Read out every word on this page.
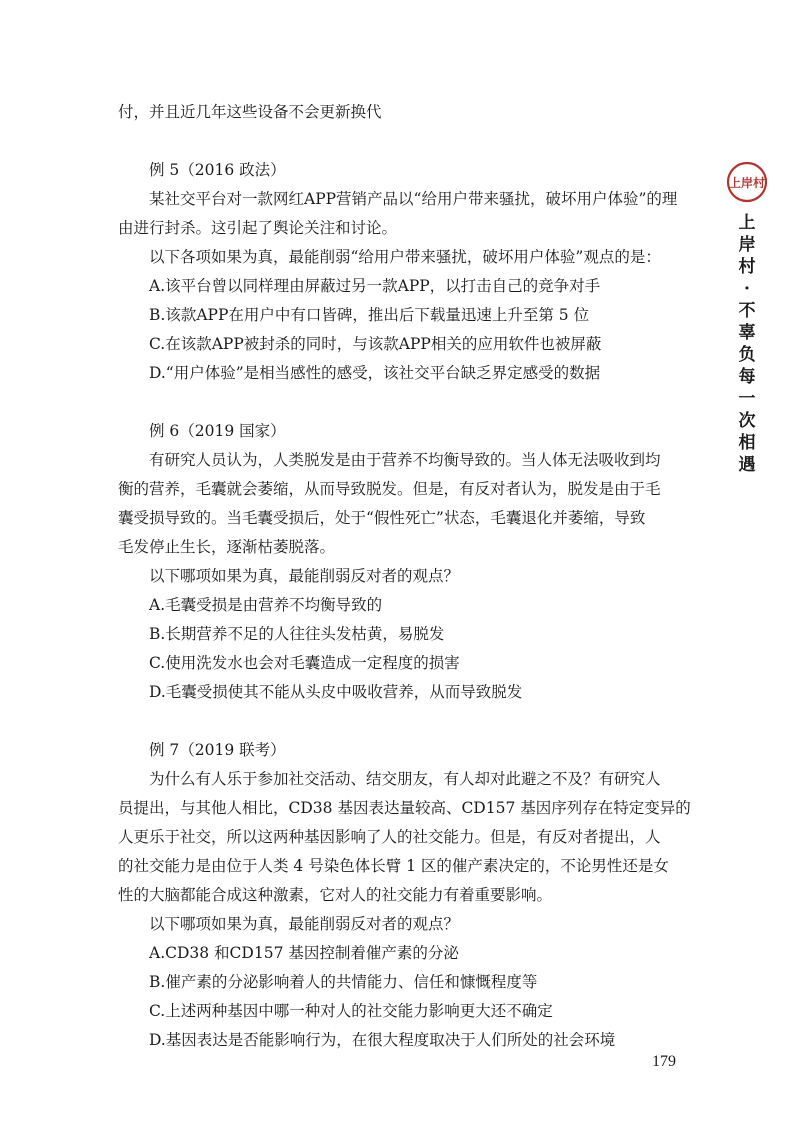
付，并且近几年这些设备不会更新换代

例 5（2016 政法）

某社交平台对一款网红APP营销产品以“给用户带来骚扰，破坏用户体验”的理

由进行封杀。这引起了舆论关注和讨论。

以下各项如果为真，最能削弱“给用户带来骚扰，破坏用户体验”观点的是：

A.该平台曾以同样理由屏蔽过另一款APP，以打击自己的竞争对手

B.该款APP在用户中有口皆碑，推出后下载量迅速上升至第 5 位

C.在该款APP被封杀的同时，与该款APP相关的应用软件也被屏蔽

D.“用户体验”是相当感性的感受，该社交平台缺乏界定感受的数据

例 6（2019 国家）

有研究人员认为，人类脱发是由于营养不均衡导致的。当人体无法吸收到均

衡的营养，毛囊就会萎缩，从而导致脱发。但是，有反对者认为，脱发是由于毛

囊受损导致的。当毛囊受损后，处于“假性死亡”状态，毛囊退化并萎缩，导致

毛发停止生长，逐渐枯萎脱落。

以下哪项如果为真，最能削弱反对者的观点？

A.毛囊受损是由营养不均衡导致的

B.长期营养不足的人往往头发枯黄，易脱发

C.使用洗发水也会对毛囊造成一定程度的损害

D.毛囊受损使其不能从头皮中吸收营养，从而导致脱发

例 7（2019 联考）

为什么有人乐于参加社交活动、结交朋友，有人却对此避之不及？有研究人

员提出，与其他人相比，CD38 基因表达量较高、CD157 基因序列存在特定变异的

人更乐于社交，所以这两种基因影响了人的社交能力。但是，有反对者提出，人

的社交能力是由位于人类 4 号染色体长臂 1 区的催产素决定的，不论男性还是女

性的大脑都能合成这种激素，它对人的社交能力有着重要影响。

以下哪项如果为真，最能削弱反对者的观点？

A.CD38 和CD157 基因控制着催产素的分泌

B.催产素的分泌影响着人的共情能力、信任和慷慨程度等

C.上述两种基因中哪一种对人的社交能力影响更大还不确定

D.基因表达是否能影响行为，在很大程度取决于人们所处的社会环境

上岸村
上岸村·不辜负每一次相遇
179
